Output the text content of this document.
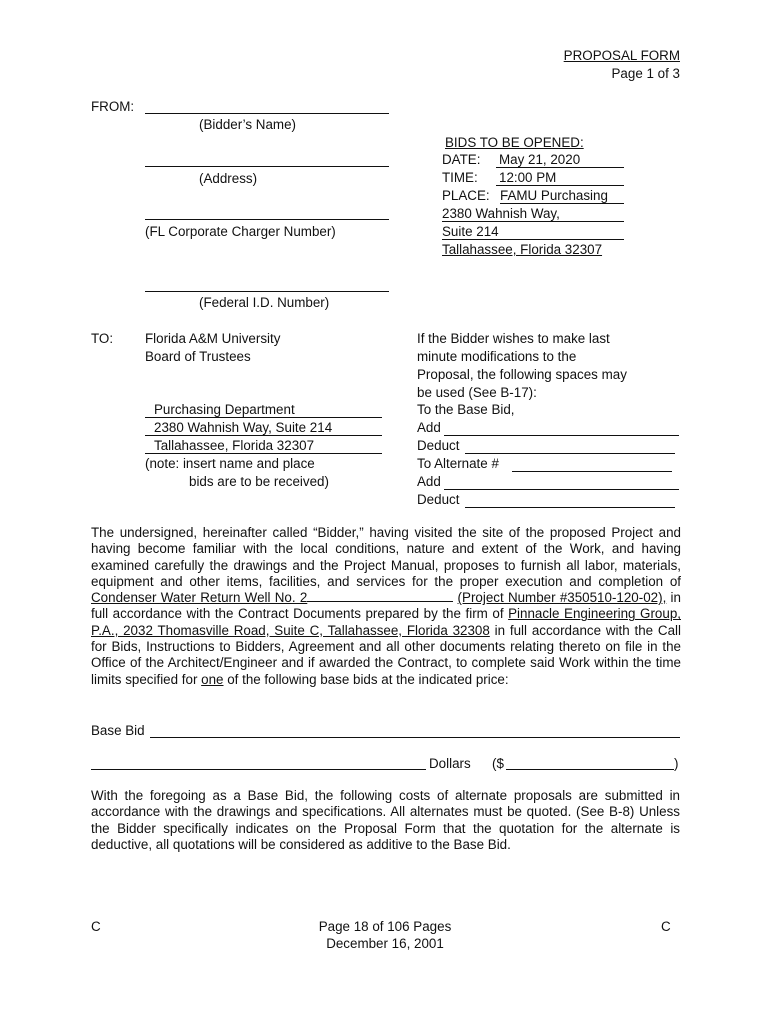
PROPOSAL FORM
Page 1 of 3
FROM:
(Bidder’s Name)
(Address)
(FL Corporate Charger Number)
(Federal I.D. Number)
BIDS TO BE OPENED:
DATE: May 21, 2020
TIME: 12:00 PM
PLACE: FAMU Purchasing
2380 Wahnish Way,
Suite 214
Tallahassee, Florida 32307
TO: Florida A&M University
Board of Trustees
Purchasing Department
2380 Wahnish Way, Suite 214
Tallahassee, Florida 32307
(note: insert name and place
bids are to be received)
If the Bidder wishes to make last
minute modifications to the
Proposal, the following spaces may
be used (See B-17):
To the Base Bid,
Add
Deduct
To Alternate #
Add
Deduct
The undersigned, hereinafter called “Bidder,” having visited the site of the proposed Project and having become familiar with the local conditions, nature and extent of the Work, and having examined carefully the drawings and the Project Manual, proposes to furnish all labor, materials, equipment and other items, facilities, and services for the proper execution and completion of Condenser Water Return Well No. 2	(Project Number #350510-120-02), in full accordance with the Contract Documents prepared by the firm of Pinnacle Engineering Group, P.A., 2032 Thomasville Road, Suite C, Tallahassee, Florida 32308 in full accordance with the Call for Bids, Instructions to Bidders, Agreement and all other documents relating thereto on file in the Office of the Architect/Engineer and if awarded the Contract, to complete said Work within the time limits specified for one of the following base bids at the indicated price:
Base Bid
Dollars ($	)
With the foregoing as a Base Bid, the following costs of alternate proposals are submitted in accordance with the drawings and specifications. All alternates must be quoted. (See B-8) Unless the Bidder specifically indicates on the Proposal Form that the quotation for the alternate is deductive, all quotations will be considered as additive to the Base Bid.
C	Page 18 of 106 Pages
December 16, 2001
C
